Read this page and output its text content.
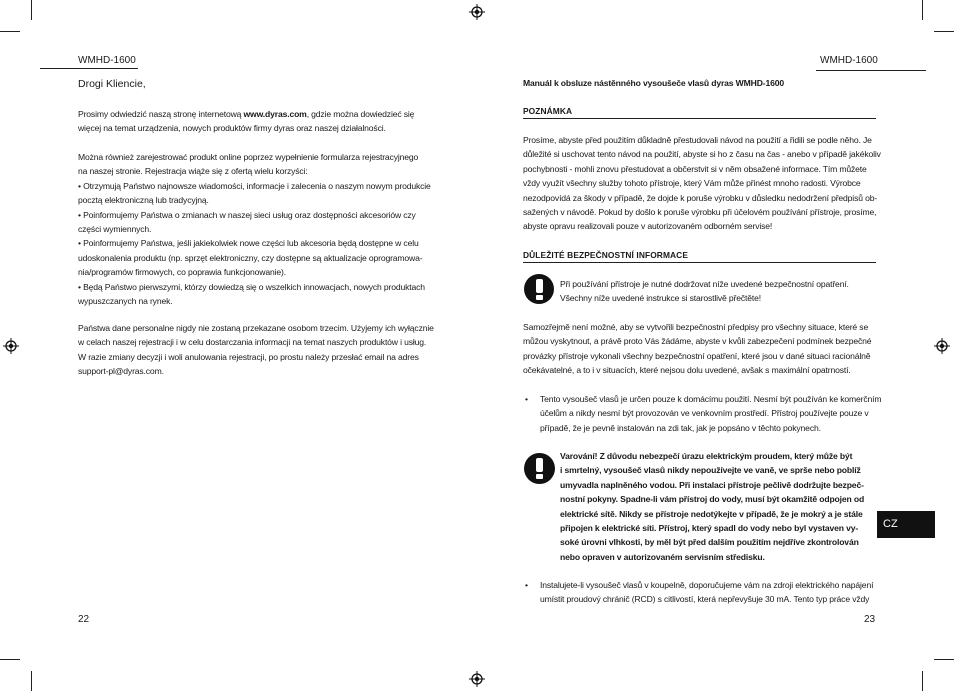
WMHD-1600
Drogi Kliencie,

Prosimy odwiedzić naszą stronę internetową www.dyras.com, gdzie można dowiedzieć się

więcej na temat urządzenia, nowych produktów firmy dyras oraz naszej działalności.

Można również zarejestrować produkt online poprzez wypełnienie formularza rejestracyjnego

na naszej stronie. Rejestracja wiąże się z ofertą wielu korzyści:

• Otrzymują Państwo najnowsze wiadomości, informacje i zalecenia o naszym nowym produkcie

pocztą elektroniczną lub tradycyjną.

• Poinformujemy Państwa o zmianach w naszej sieci usług oraz dostępności akcesoriów czy

części wymiennych.

• Poinformujemy Państwa, jeśli jakiekolwiek nowe części lub akcesoria będą dostępne w celu

udoskonalenia produktu (np. sprzęt elektroniczny, czy dostępne są aktualizacje oprogramowa-

nia/programów firmowych, co poprawia funkcjonowanie).

• Będą Państwo pierwszymi, którzy dowiedzą się o wszelkich innowacjach, nowych produktach

wypuszczanych na rynek.

Państwa dane personalne nigdy nie zostaną przekazane osobom trzecim. Użyjemy ich wyłącznie

w celach naszej rejestracji i w celu dostarczania informacji na temat naszych produktów i usług.

W razie zmiany decyzji i woli anulowania rejestracji, po prostu należy przesłać email na adres

support-pl@dyras.com.

22
WMHD-1600
Manuál k obsluze nástěnného vysoušeče vlasů dyras WMHD-1600
POZNÁMKA

Prosíme, abyste před použitím důkladně přestudovali návod na použití a řidili se podle něho. Je

důležité si uschovat tento návod na použití, abyste si ho z času na čas - anebo v případě jakékoliv

pochybnosti - mohli znovu přestudovat a občerstvit si v něm obsažené informace. Tím můžete

vždy využít všechny služby tohoto přístroje, který Vám může přinést mnoho radosti. Výrobce

nezodpovídá za škody v případě, že dojde k poruše výrobku v důsledku nedodržení předpisů ob-

sažených v návodě. Pokud by došlo k poruše výrobku při účelovém používání přístroje, prosíme,

abyste opravu realizovali pouze v autorizovaném odborném servise!

DŮLEŽITÉ BEZPEČNOSTNÍ INFORMACE

Při používání přístroje je nutné dodržovat níže uvedené bezpečnostní opatření.

Všechny níže uvedené instrukce si starostlivě přečtěte!

Samozřejmě není možné, aby se vytvořili bezpečnostní předpisy pro všechny situace, které se

můžou vyskytnout, a právě proto Vás žádáme, abyste v kvůli zabezpečení podmínek bezpečné

provázky přístroje vykonali všechny bezpečnostní opatření, které jsou v dané situaci racionálně

očekávatelné, a to i v situacích, které nejsou dolu uvedené, avšak s maximální opatrností.

• Tento vysoušeč vlasů je určen pouze k domácímu použití. Nesmí být používán ke komerčním

účelům a nikdy nesmí být provozován ve venkovním prostředí. Přístroj používejte pouze v

případě, že je pevně instalován na zdi tak, jak je popsáno v těchto pokynech.

Varování! Z důvodu nebezpečí úrazu elektrickým proudem, který může být

i smrtelný, vysoušeč vlasů nikdy nepoužívejte ve vaně, ve sprše nebo poblíž

umyvadla naplněného vodou. Při instalaci přístroje pečlivě dodržujte bezpeč-

nostní pokyny. Spadne-li vám přístroj do vody, musí být okamžitě odpojen od

elektrické sítě. Nikdy se přístroje nedotýkejte v případě, že je mokrý a je stále

připojen k elektrické síti. Přístroj, který spadl do vody nebo byl vystaven vy-

soké úrovni vlhkosti, by měl být před dalším použitím nejdříve zkontrolován

nebo opraven v autorizovaném servisním středisku.

• Instalujete-li vysoušeč vlasů v koupelně, doporučujeme vám na zdroji elektrického napájení

umístit proudový chránič (RCD) s citlivostí, která nepřevyšuje 30 mA. Tento typ práce vždy

CZ
23
